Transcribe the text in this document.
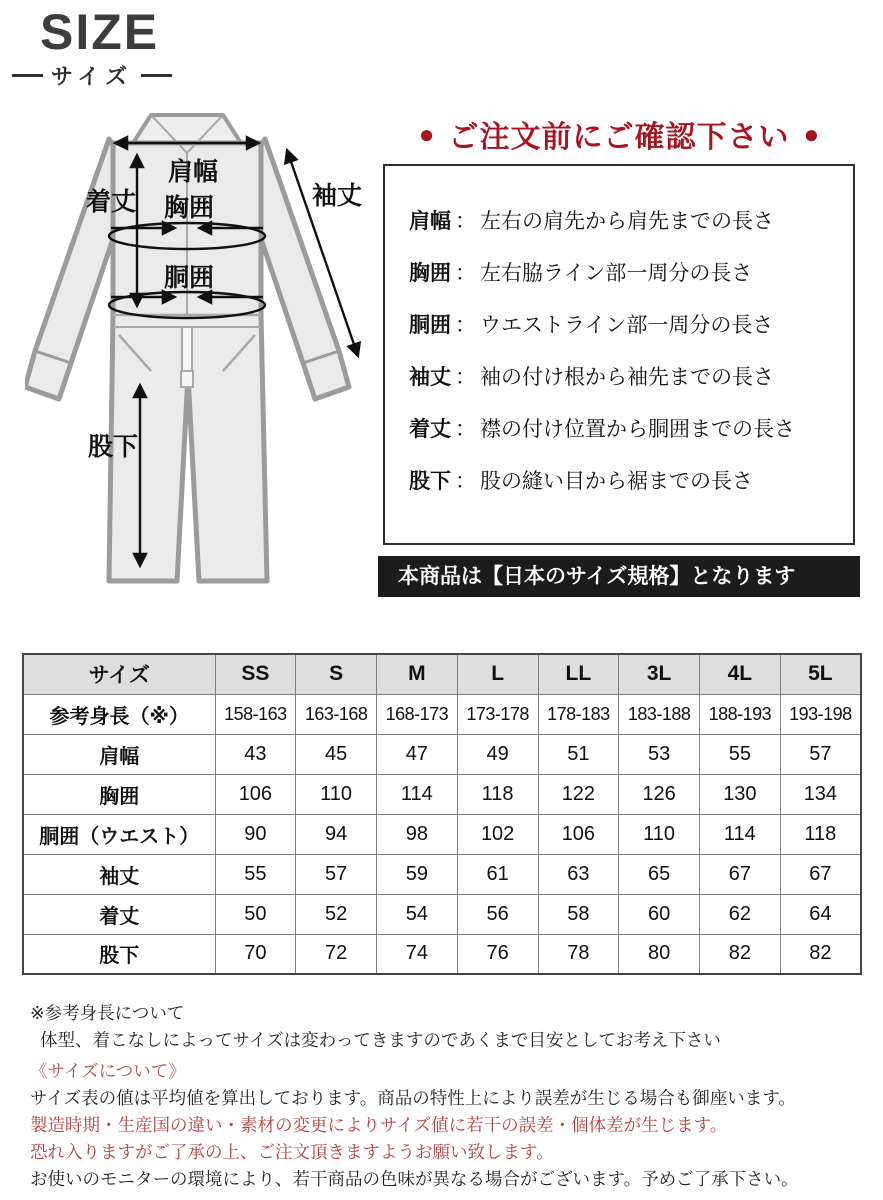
SIZE
サイズ
肩幅
着丈 胸囲
胴囲
袖丈
股下
● ご注文前にご確認下さい ●
肩幅 ： 左右の肩先から肩先までの長さ
胸囲 ： 左右脇ライン部一周分の長さ
胴囲 ： ウエストライン部一周分の長さ
袖丈 ： 袖の付け根から袖先までの長さ
着丈 ： 襟の付け位置から胴囲までの長さ
股下 ： 股の縫い目から裾までの長さ
本商品は【日本のサイズ規格】となります
サイズ	SS	S	M	L	LL	3L	4L	5L
参考身長（※）	158-163	163-168	168-173	173-178	178-183	183-188	188-193	193-198
肩幅	43	45	47	49	51	53	55	57
胸囲	106	110	114	118	122	126	130	134
胴囲（ウエスト）	90	94	98	102	106	110	114	118
袖丈	55	57	59	61	63	65	67	67
着丈	50	52	54	56	58	60	62	64
股下	70	72	74	76	78	80	82	82
※参考身長について
体型、着こなしによってサイズは変わってきますのであくまで目安としてお考え下さい
《サイズについて》
サイズ表の値は平均値を算出しております。商品の特性上により誤差が生じる場合も御座います。
製造時期・生産国の違い・素材の変更によりサイズ値に若干の誤差・個体差が生じます。
恐れ入りますがご了承の上、ご注文頂きますようお願い致します。
お使いのモニターの環境により、若干商品の色味が異なる場合がございます。予めご了承下さい。
